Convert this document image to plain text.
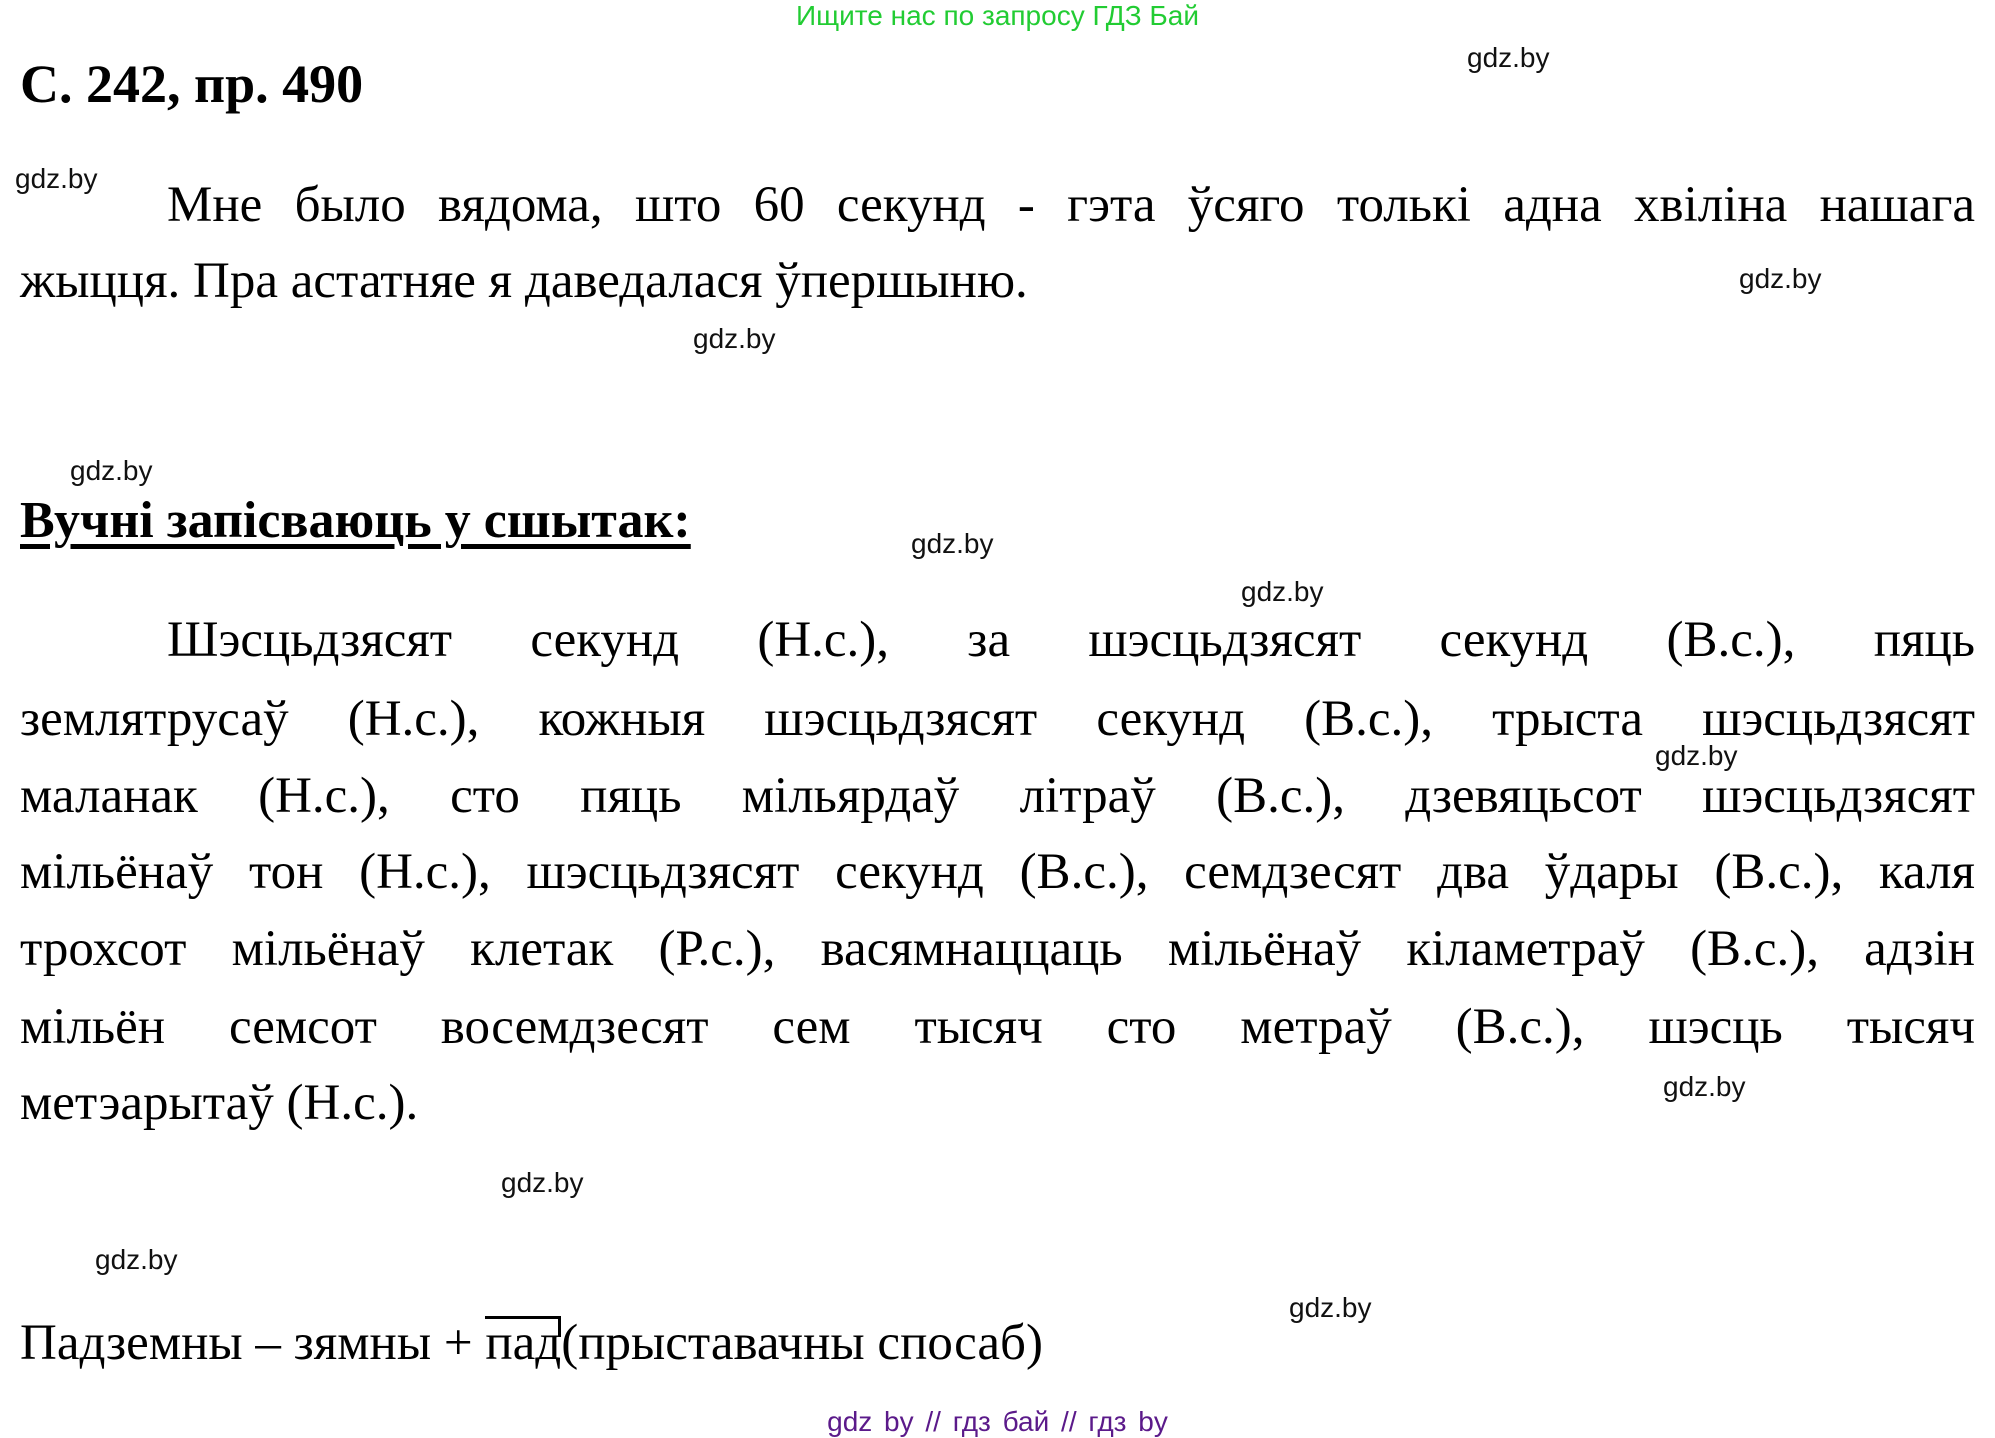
Ищите нас по запросу ГДЗ Бай
С. 242, пр. 490	gdz.by
gdz.by
gdz.by
gdz.by
gdz.by
gdz.by
gdz.by
gdz.by
gdz.by
gdz.by
gdz.by
gdz.by
Мне было вядома, што 60 секунд - гэта ўсяго толькі адна хвіліна нашага
жыцця. Пра астатняе я даведалася ўпершыню.
Вучні запісваюць у сшытак:
Шэсцьдзясят секунд (Н.с.), за шэсцьдзясят секунд (В.с.), пяць
землятрусаў (Н.с.), кожныя шэсцьдзясят секунд (В.с.), трыста шэсцьдзясят
маланак (Н.с.), сто пяць мільярдаў літраў (В.с.), дзевяцьсот шэсцьдзясят
мільёнаў тон (Н.с.), шэсцьдзясят секунд (В.с.), семдзесят два ўдары (В.с.), каля
трохсот мільёнаў клетак (Р.с.), васямнаццаць мільёнаў кіламетраў (В.с.), адзін
мільён семсот восемдзесят сем тысяч сто метраў (В.с.), шэсць тысяч
метэарытаў (Н.с.).
Падземны – зямны + пад(прыставачны спосаб)
gdz by // гдз бай // гдз by
